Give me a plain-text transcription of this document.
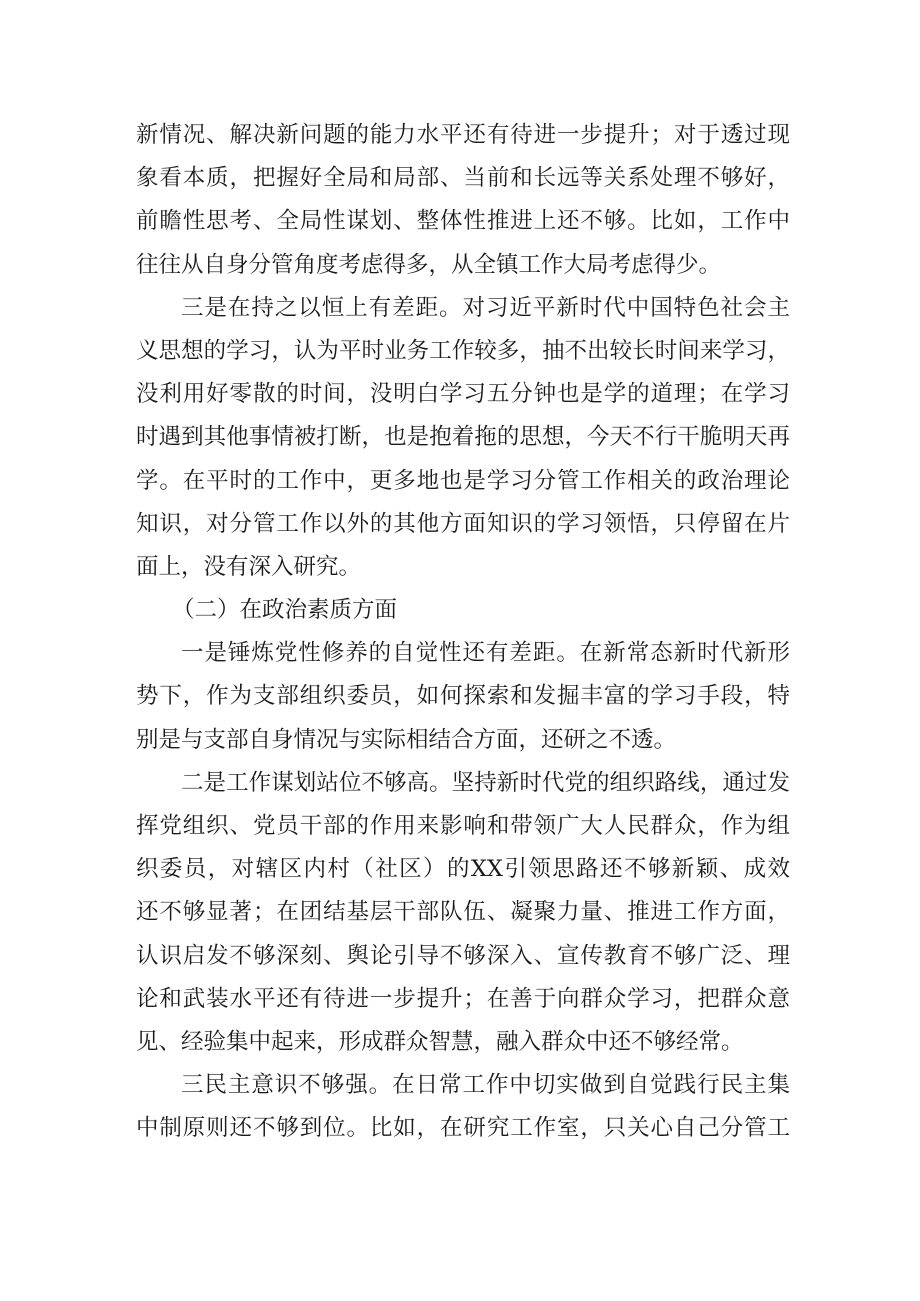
新情况、解决新问题的能力水平还有待进一步提升；对于透过现
象看本质，把握好全局和局部、当前和长远等关系处理不够好，
前瞻性思考、全局性谋划、整体性推进上还不够。比如，工作中
往往从自身分管角度考虑得多，从全镇工作大局考虑得少。
三是在持之以恒上有差距。对习近平新时代中国特色社会主
义思想的学习，认为平时业务工作较多，抽不出较长时间来学习，
没利用好零散的时间，没明白学习五分钟也是学的道理；在学习
时遇到其他事情被打断，也是抱着拖的思想，今天不行干脆明天再
学。在平时的工作中，更多地也是学习分管工作相关的政治理论
知识，对分管工作以外的其他方面知识的学习领悟，只停留在片
面上，没有深入研究。
（二）在政治素质方面
一是锤炼党性修养的自觉性还有差距。在新常态新时代新形
势下，作为支部组织委员，如何探索和发掘丰富的学习手段，特
别是与支部自身情况与实际相结合方面，还研之不透。
二是工作谋划站位不够高。坚持新时代党的组织路线，通过发
挥党组织、党员干部的作用来影响和带领广大人民群众，作为组
织委员，对辖区内村（社区）的XX引领思路还不够新颖、成效
还不够显著；在团结基层干部队伍、凝聚力量、推进工作方面，
认识启发不够深刻、舆论引导不够深入、宣传教育不够广泛、理
论和武装水平还有待进一步提升；在善于向群众学习，把群众意
见、经验集中起来，形成群众智慧，融入群众中还不够经常。
三民主意识不够强。在日常工作中切实做到自觉践行民主集
中制原则还不够到位。比如，在研究工作室，只关心自己分管工
